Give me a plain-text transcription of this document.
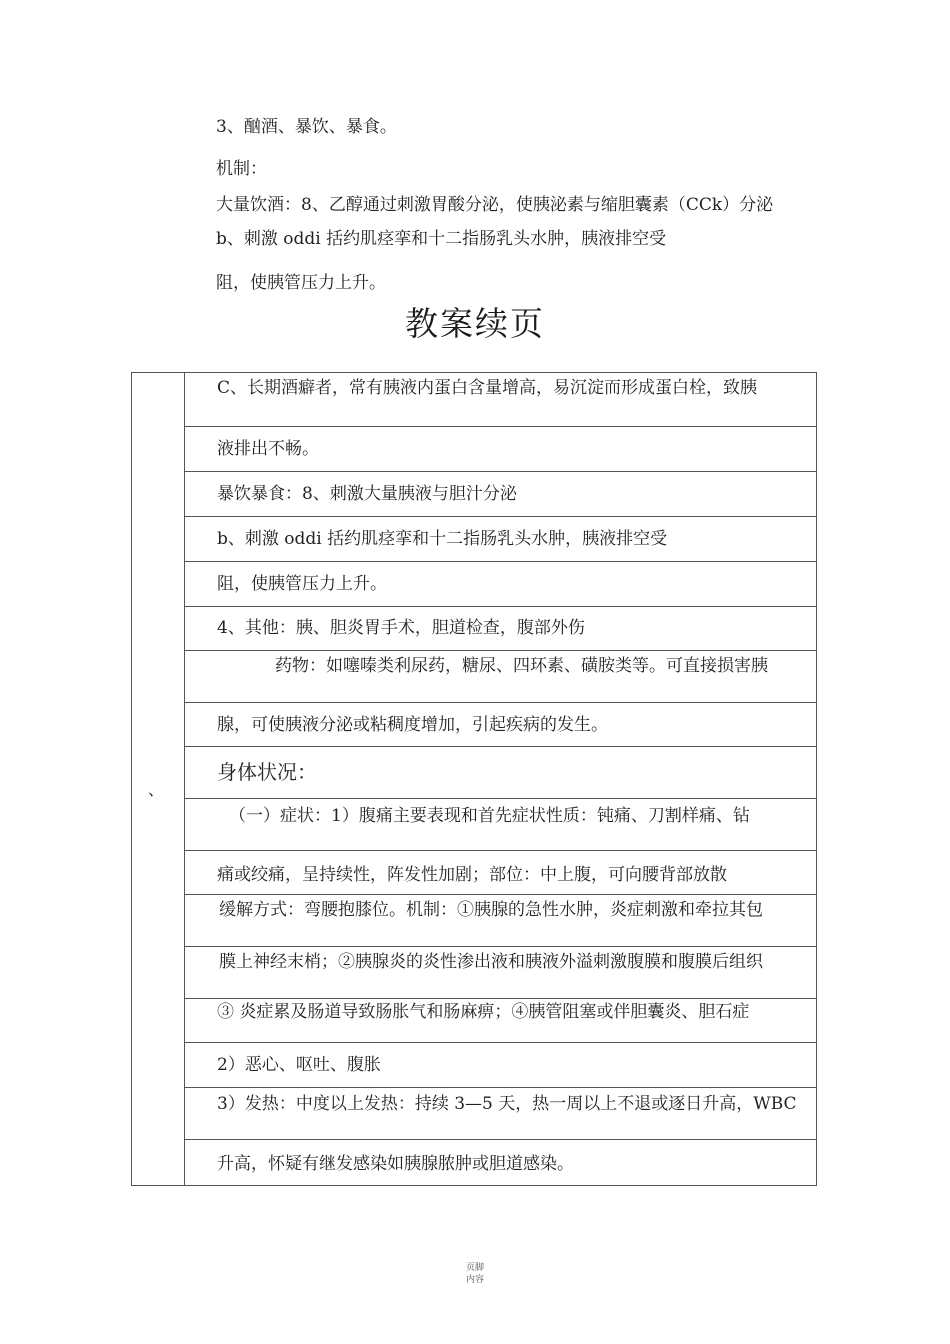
3、酗酒、暴饮、暴食。
机制：
大量饮酒：8、乙醇通过刺激胃酸分泌，使胰泌素与缩胆囊素（CCk）分泌
b、刺激 oddi 括约肌痉挛和十二指肠乳头水肿，胰液排空受
阻，使胰管压力上升。
教案续页
、
C、长期酒癖者，常有胰液内蛋白含量增高，易沉淀而形成蛋白栓，致胰
液排出不畅。
暴饮暴食：8、刺激大量胰液与胆汁分泌
b、刺激 oddi 括约肌痉挛和十二指肠乳头水肿，胰液排空受
阻，使胰管压力上升。
4、其他：胰、胆炎胃手术，胆道检查，腹部外伤
药物：如噻嗪类利尿药，糖尿、四环素、磺胺类等。可直接损害胰
腺，可使胰液分泌或粘稠度增加，引起疾病的发生。
身体状况：
（一）症状：1）腹痛主要表现和首先症状性质：钝痛、刀割样痛、钻
痛或绞痛，呈持续性，阵发性加剧；部位：中上腹，可向腰背部放散
缓解方式：弯腰抱膝位。机制：①胰腺的急性水肿，炎症刺激和牵拉其包
膜上神经末梢；②胰腺炎的炎性渗出液和胰液外溢刺激腹膜和腹膜后组织
③ 炎症累及肠道导致肠胀气和肠麻痹；④胰管阻塞或伴胆囊炎、胆石症
2）恶心、呕吐、腹胀
3）发热：中度以上发热：持续 3—5 天，热一周以上不退或逐日升高，WBC
升高，怀疑有继发感染如胰腺脓肿或胆道感染。
页脚
内容
